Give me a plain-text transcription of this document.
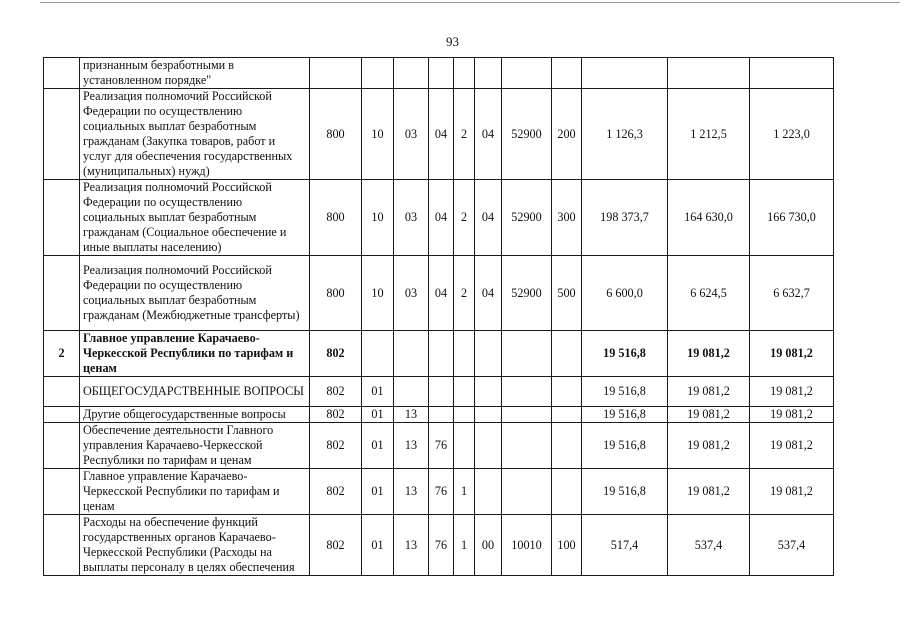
93
	признанным безработными в установленном порядке"											
	Реализация полномочий Российской Федерации по осуществлению социальных выплат безработным гражданам (Закупка товаров, работ и услуг для обеспечения государственных (муниципальных) нужд)	800	10	03	04	2	04	52900	200	1 126,3	1 212,5	1 223,0
	Реализация полномочий Российской Федерации по осуществлению социальных выплат безработным гражданам (Социальное обеспечение и иные выплаты населению)	800	10	03	04	2	04	52900	300	198 373,7	164 630,0	166 730,0
	Реализация полномочий Российской Федерации по осуществлению социальных выплат безработным гражданам (Межбюджетные трансферты)	800	10	03	04	2	04	52900	500	6 600,0	6 624,5	6 632,7
2	Главное управление Карачаево-Черкесской Республики по тарифам и ценам	802								19 516,8	19 081,2	19 081,2
	ОБЩЕГОСУДАРСТВЕННЫЕ ВОПРОСЫ	802	01							19 516,8	19 081,2	19 081,2
	Другие общегосударственные вопросы	802	01	13						19 516,8	19 081,2	19 081,2
	Обеспечение деятельности Главного управления Карачаево-Черкесской Республики по тарифам и ценам	802	01	13	76					19 516,8	19 081,2	19 081,2
	Главное управление Карачаево-Черкесской Республики по тарифам и ценам	802	01	13	76	1				19 516,8	19 081,2	19 081,2
	Расходы на обеспечение функций государственных органов Карачаево-Черкесской Республики (Расходы на выплаты персоналу в целях обеспечения	802	01	13	76	1	00	10010	100	517,4	537,4	537,4
